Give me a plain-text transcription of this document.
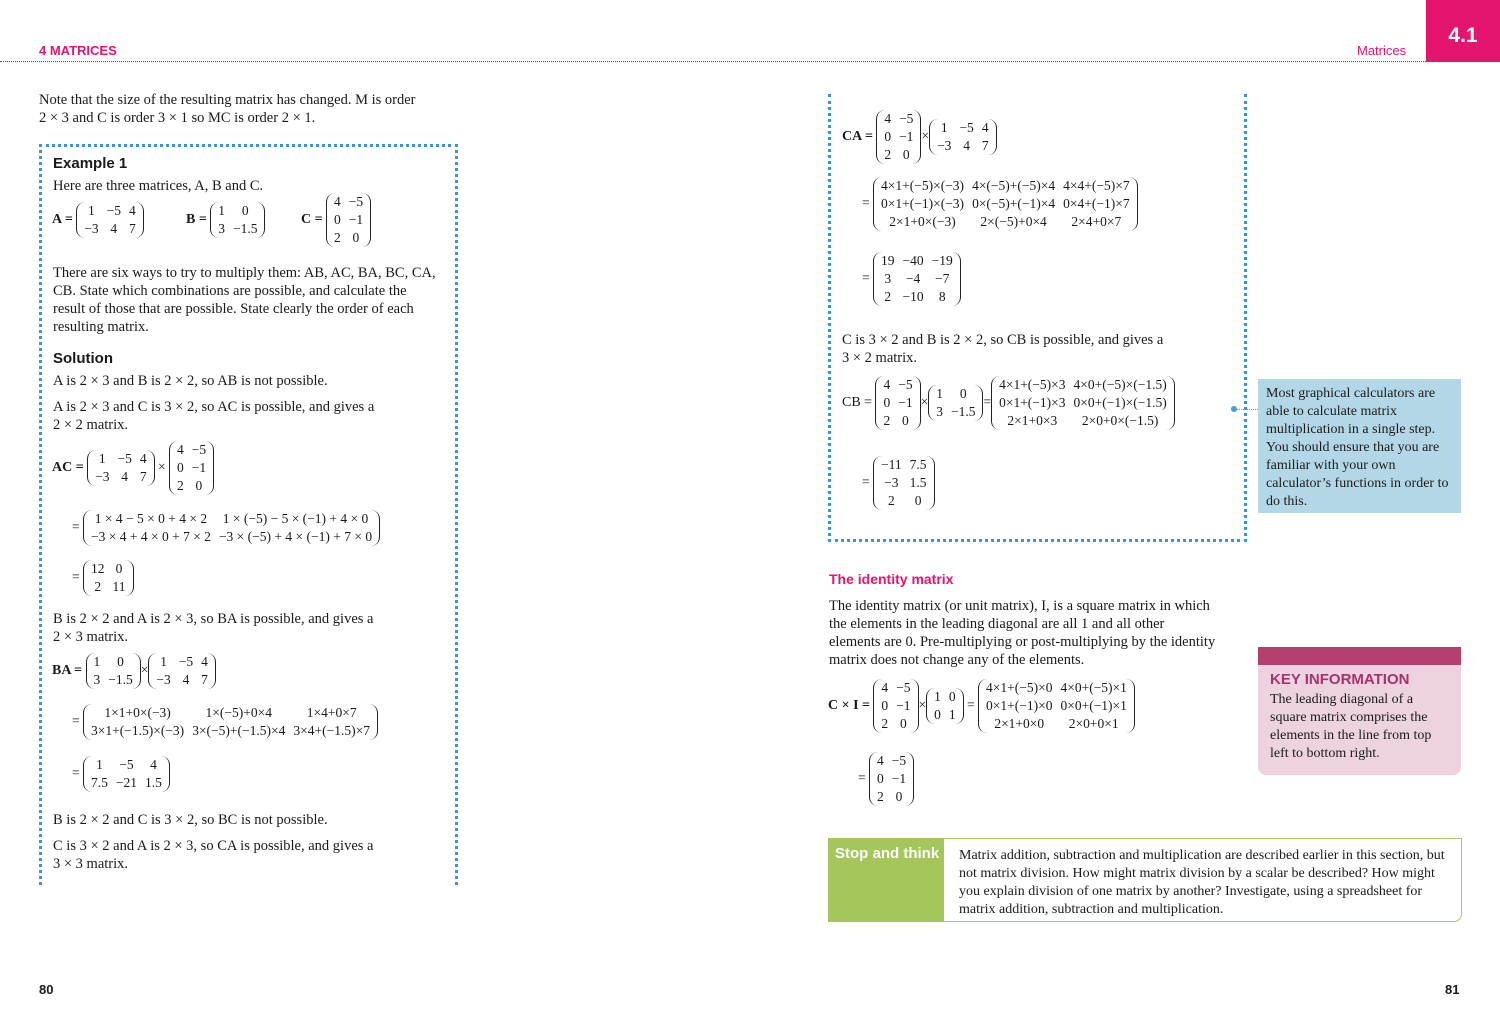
4 MATRICES	Matrices
4.1

Note that the size of the resulting matrix has changed. M is order

2 × 3 and C is order 3 × 1 so MC is order 2 × 1.

Example 1

Here are three matrices, A, B and C.

A =
1	−5	4
−3	4	7
B =
1	0
3	−1.5
C =
4	−5
0	−1
2	0

There are six ways to try to multiply them: AB, AC, BA, BC, CA,

CB. State which combinations are possible, and calculate the

result of those that are possible. State clearly the order of each

resulting matrix.

Solution

A is 2 × 3 and B is 2 × 2, so AB is not possible.

A is 2 × 3 and C is 3 × 2, so AC is possible, and gives a

2 × 2 matrix.

AC =
1	−5	4
−3	4	7
×
4	−5
0	−1
2	0
=
1 × 4 − 5 × 0 + 4 × 2	1 × (−5) − 5 × (−1) + 4 × 0
−3 × 4 + 4 × 0 + 7 × 2	−3 × (−5) + 4 × (−1) + 7 × 0
=
12	0
2	11

B is 2 × 2 and A is 2 × 3, so BA is possible, and gives a

2 × 3 matrix.

BA =
1	0
3	−1.5
×
1	−5	4
−3	4	7
=
1×1+0×(−3)	1×(−5)+0×4	1×4+0×7
3×1+(−1.5)×(−3)	3×(−5)+(−1.5)×4	3×4+(−1.5)×7
=
1	−5	4
7.5	−21	1.5

B is 2 × 2 and C is 3 × 2, so BC is not possible.

C is 3 × 2 and A is 2 × 3, so CA is possible, and gives a

3 × 3 matrix.

80
CA =
4	−5
0	−1
2	0
×
1	−5	4
−3	4	7
=
4×1+(−5)×(−3)	4×(−5)+(−5)×4	4×4+(−5)×7
0×1+(−1)×(−3)	0×(−5)+(−1)×4	0×4+(−1)×7
2×1+0×(−3)	2×(−5)+0×4	2×4+0×7
=
19	−40	−19
3	−4	−7
2	−10	8

C is 3 × 2 and B is 2 × 2, so CB is possible, and gives a

3 × 2 matrix.

CB =
4	−5
0	−1
2	0
×
1	0
3	−1.5
=
4×1+(−5)×3	4×0+(−5)×(−1.5)
0×1+(−1)×3	0×0+(−1)×(−1.5)
2×1+0×3	2×0+0×(−1.5)
=
−11	7.5
−3	1.5
2	0

Most graphical calculators are able to calculate matrix multiplication in a single step. You should ensure that you are familiar with your own calculator’s functions in order to do this.

The identity matrix

The identity matrix (or unit matrix), I, is a square matrix in which

the elements in the leading diagonal are all 1 and all other

elements are 0. Pre-multiplying or post-multiplying by the identity

matrix does not change any of the elements.

C × I =
4	−5
0	−1
2	0
×
1	0
0	1
=
4×1+(−5)×0	4×0+(−5)×1
0×1+(−1)×0	0×0+(−1)×1
2×1+0×0	2×0+0×1
=
4	−5
0	−1
2	0
KEY INFORMATION
The leading diagonal of a square matrix comprises the elements in the line from top left to bottom right.
Stop and think	Matrix addition, subtraction and multiplication are described earlier in this section, but not matrix division. How might matrix division by a scalar be described? How might you explain division of one matrix by another? Investigate, using a spreadsheet for matrix addition, subtraction and multiplication.
81
